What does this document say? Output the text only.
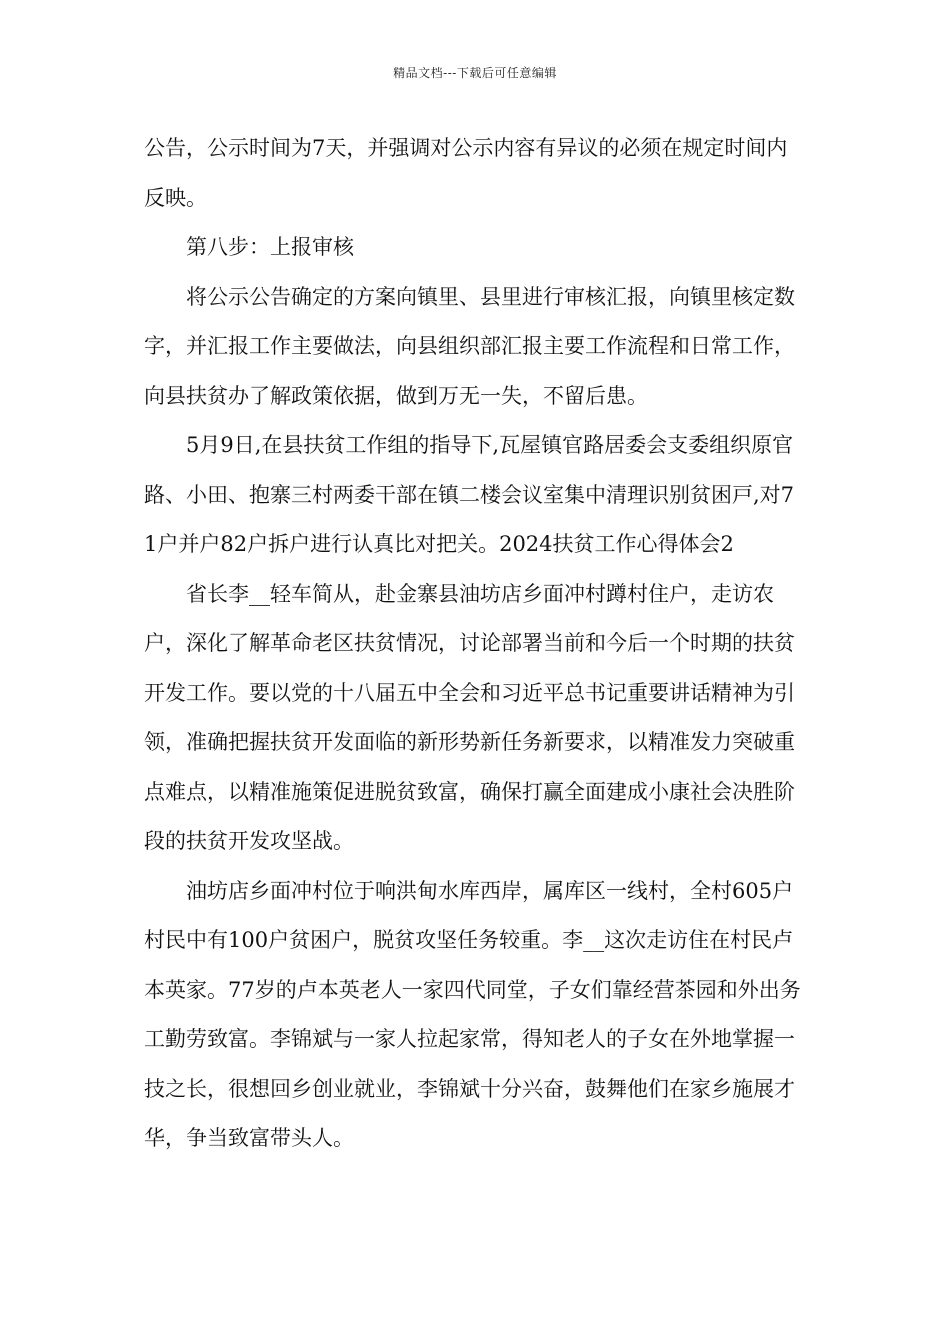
精品文档---下载后可任意编辑

公告，公示时间为7天，并强调对公示内容有异议的必须在规定时间内反映。

第八步：上报审核

将公示公告确定的方案向镇里、县里进行审核汇报，向镇里核定数字，并汇报工作主要做法，向县组织部汇报主要工作流程和日常工作，向县扶贫办了解政策依据，做到万无一失，不留后患。

5月9日,在县扶贫工作组的指导下,瓦屋镇官路居委会支委组织原官路、小田、抱寨三村两委干部在镇二楼会议室集中清理识别贫困戸,对71户并户82户拆户进行认真比对把关。2024扶贫工作心得体会2

省长李__轻车简从，赴金寨县油坊店乡面冲村蹲村住户，走访农户，深化了解革命老区扶贫情况，讨论部署当前和今后一个时期的扶贫开发工作。要以党的十八届五中全会和习近平总书记重要讲话精神为引领，准确把握扶贫开发面临的新形势新任务新要求，以精准发力突破重点难点，以精准施策促进脱贫致富，确保打赢全面建成小康社会决胜阶段的扶贫开发攻坚战。

油坊店乡面冲村位于响洪甸水库西岸，属库区一线村，全村605户村民中有100户贫困户，脱贫攻坚任务较重。李__这次走访住在村民卢本英家。77岁的卢本英老人一家四代同堂，子女们靠经营茶园和外出务工勤劳致富。李锦斌与一家人拉起家常，得知老人的子女在外地掌握一技之长，很想回乡创业就业，李锦斌十分兴奋，鼓舞他们在家乡施展才华，争当致富带头人。
